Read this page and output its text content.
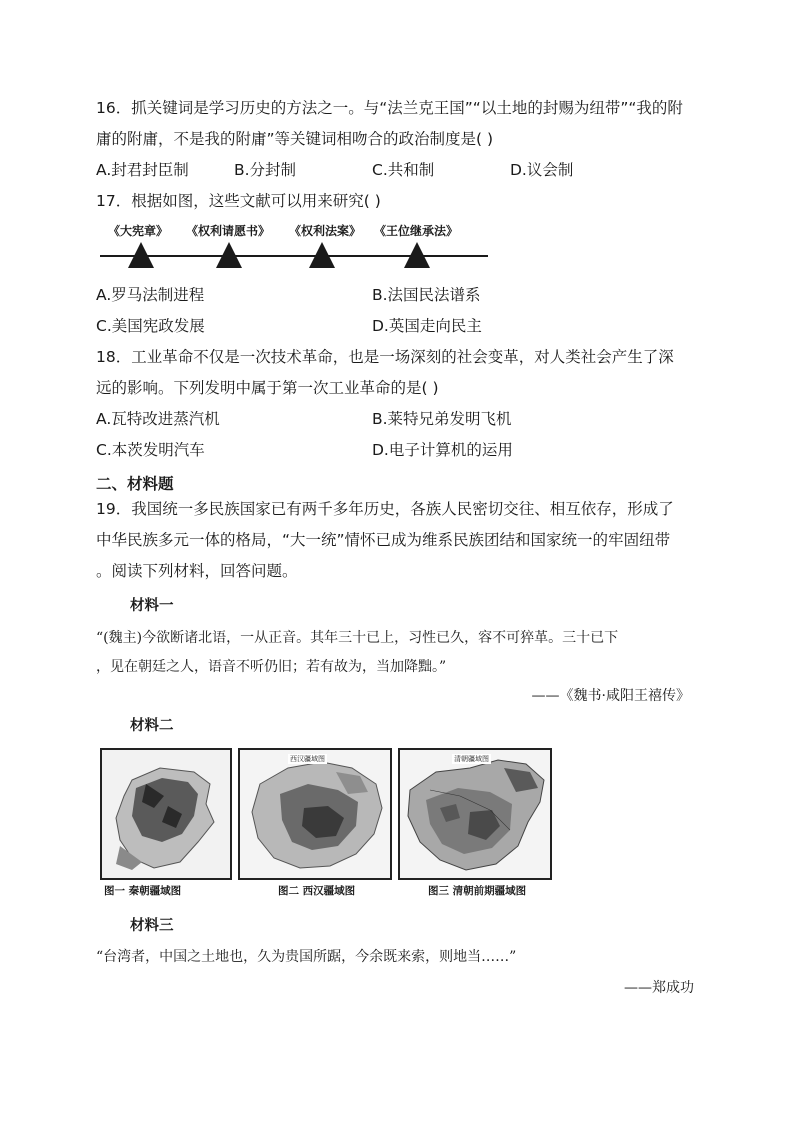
16．抓关键词是学习历史的方法之一。与“法兰克王国”“以土地的封赐为纽带”“我的附
庸的附庸，不是我的附庸”等关键词相吻合的政治制度是( )
A.封君封臣制	B.分封制	C.共和制	D.议会制
17．根据如图，这些文献可以用来研究( )
《大宪章》 《权利请愿书》 《权利法案》 《王位继承法》
A.罗马法制进程	B.法国民法谱系
C.美国宪政发展	D.英国走向民主
18．工业革命不仅是一次技术革命，也是一场深刻的社会变革，对人类社会产生了深
远的影响。下列发明中属于第一次工业革命的是( )
A.瓦特改进蒸汽机	B.莱特兄弟发明飞机
C.本茨发明汽车	D.电子计算机的运用
二、材料题
19．我国统一多民族国家已有两千多年历史，各族人民密切交往、相互依存，形成了
中华民族多元一体的格局，“大一统”情怀已成为维系民族团结和国家统一的牢固纽带
。阅读下列材料，回答问题。
材料一
“(魏主)今欲断诸北语，一从正音。其年三十已上，习性已久，容不可猝革。三十已下
，见在朝廷之人，语音不听仍旧；若有故为，当加降黜。”
——《魏书·咸阳王禧传》
材料二
西汉疆域图	清朝疆域图
图一 秦朝疆域图	图二 西汉疆域图	图三 清朝前期疆域图
材料三
“台湾者，中国之土地也，久为贵国所踞，今余既来索，则地当……”
——郑成功
